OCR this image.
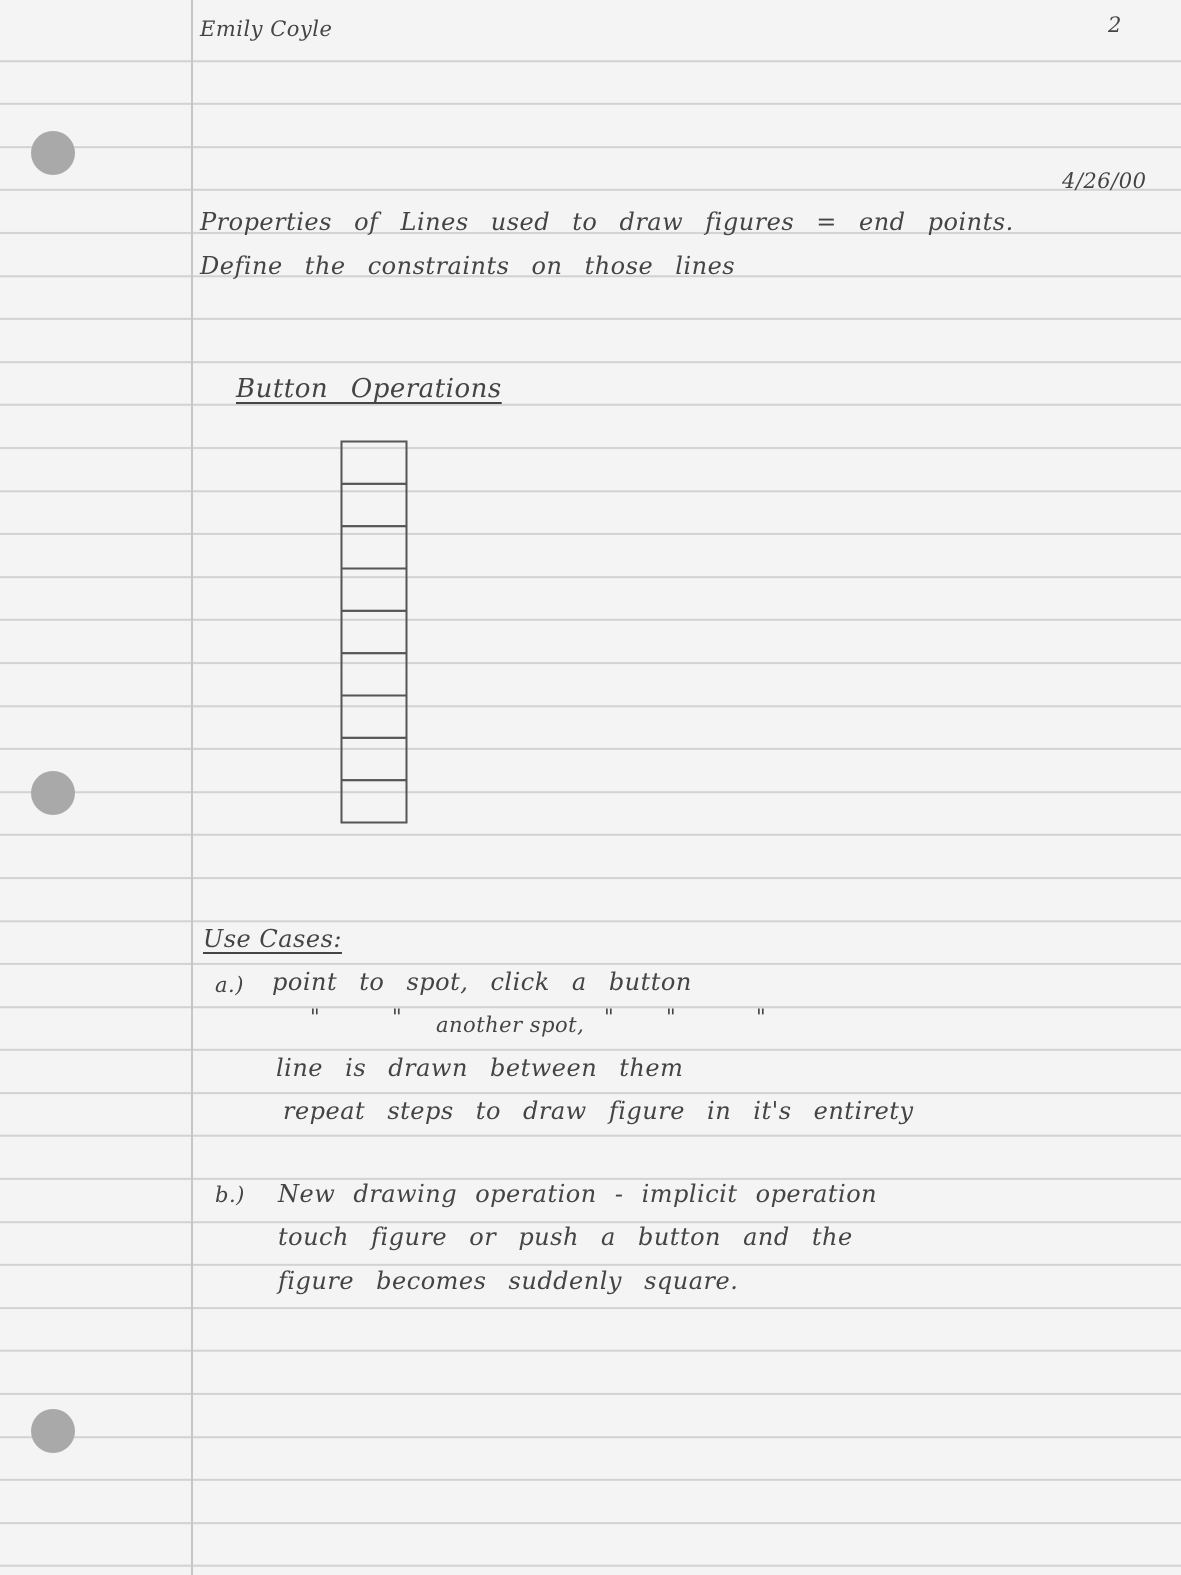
Emily Coyle	2

4/26/00

Properties of Lines used to draw figures = end points.

Define the constraints on those lines

Button Operations

Use Cases:

a.) point to spot, click a button

"	" another spot, " "	"

line is drawn between them

repeat steps to draw figure in it's entirety

b.) New drawing operation - implicit operation

touch figure or push a button and the

figure becomes suddenly square.
